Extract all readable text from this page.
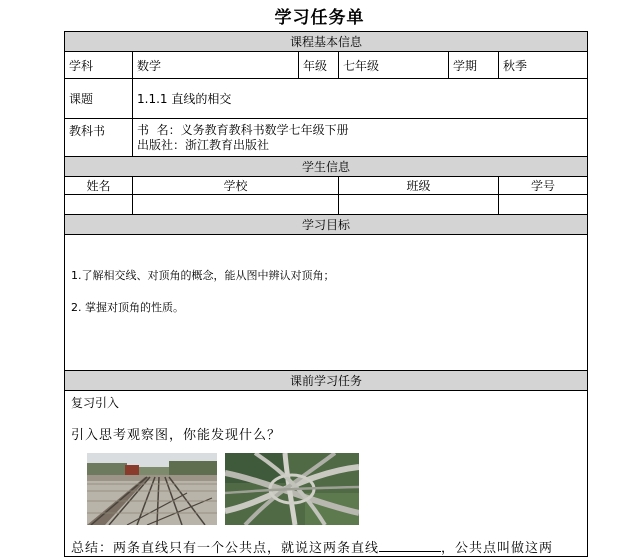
学习任务单
课程基本信息					
学科	数学	年级	七年级	学期	秋季
课题	1.1.1 直线的相交				
教科书	书  名：义务教育教科书数学七年级下册
出版社：浙江教育出版社				

学生信息					
姓名	学校		班级		学号

学习目标					

1.了解相交线、对顶角的概念，能从图中辨认对顶角；
2. 掌握对顶角的性质。					

课前学习任务					

复习引入
引入思考观察图，你能发现什么？
总结：两条直线只有一个公共点，就说这两条直线 ，公共点叫做这两					
